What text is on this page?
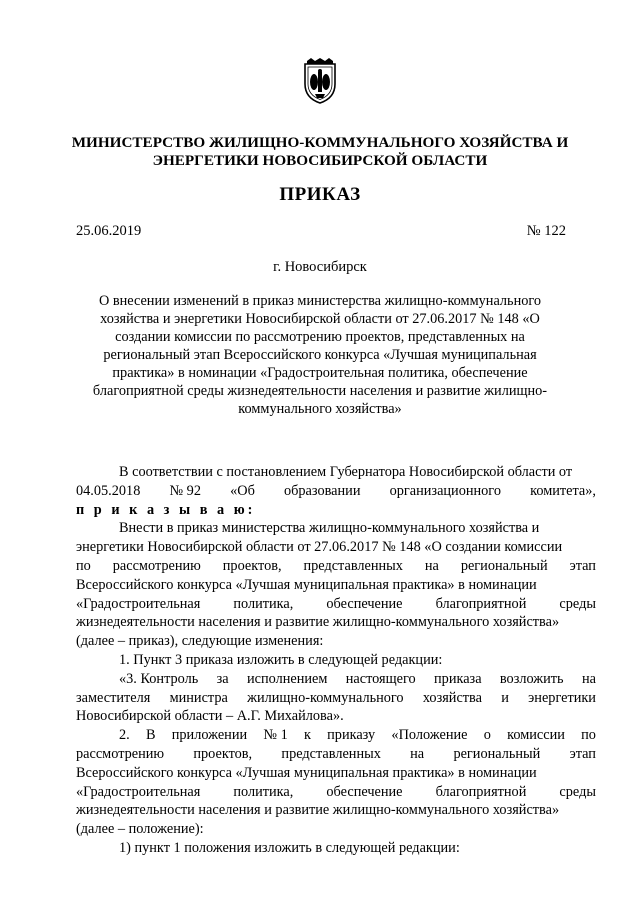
МИНИСТЕРСТВО ЖИЛИЩНО-КОММУНАЛЬНОГО ХОЗЯЙСТВА И
ЭНЕРГЕТИКИ НОВОСИБИРСКОЙ ОБЛАСТИ
ПРИКАЗ
25.06.2019	№ 122
г. Новосибирск
О внесении изменений в приказ министерства жилищно-коммунального
хозяйства и энергетики Новосибирской области от 27.06.2017 № 148 «О
создании комиссии по рассмотрению проектов, представленных на
региональный этап Всероссийского конкурса «Лучшая муниципальная
практика» в номинации «Градостроительная политика, обеспечение
благоприятной среды жизнедеятельности населения и развитие жилищно-
коммунального хозяйства»
В соответствии с постановлением Губернатора Новосибирской области от
04.05.2018 № 92 «Об образовании организационного комитета»,
п р и к а з ы в а ю:
Внести в приказ министерства жилищно-коммунального хозяйства и
энергетики Новосибирской области от 27.06.2017 № 148 «О создании комиссии
по рассмотрению проектов, представленных на региональный этап
Всероссийского конкурса «Лучшая муниципальная практика» в номинации
«Градостроительная политика, обеспечение благоприятной среды
жизнедеятельности населения и развитие жилищно-коммунального хозяйства»
(далее – приказ), следующие изменения:
1. Пункт 3 приказа изложить в следующей редакции:
«3. Контроль за исполнением настоящего приказа возложить на
заместителя министра жилищно-коммунального хозяйства и энергетики
Новосибирской области – А.Г. Михайлова».
2. В приложении № 1 к приказу «Положение о комиссии по
рассмотрению проектов, представленных на региональный этап
Всероссийского конкурса «Лучшая муниципальная практика» в номинации
«Градостроительная политика, обеспечение благоприятной среды
жизнедеятельности населения и развитие жилищно-коммунального хозяйства»
(далее – положение):
1) пункт 1 положения изложить в следующей редакции:
